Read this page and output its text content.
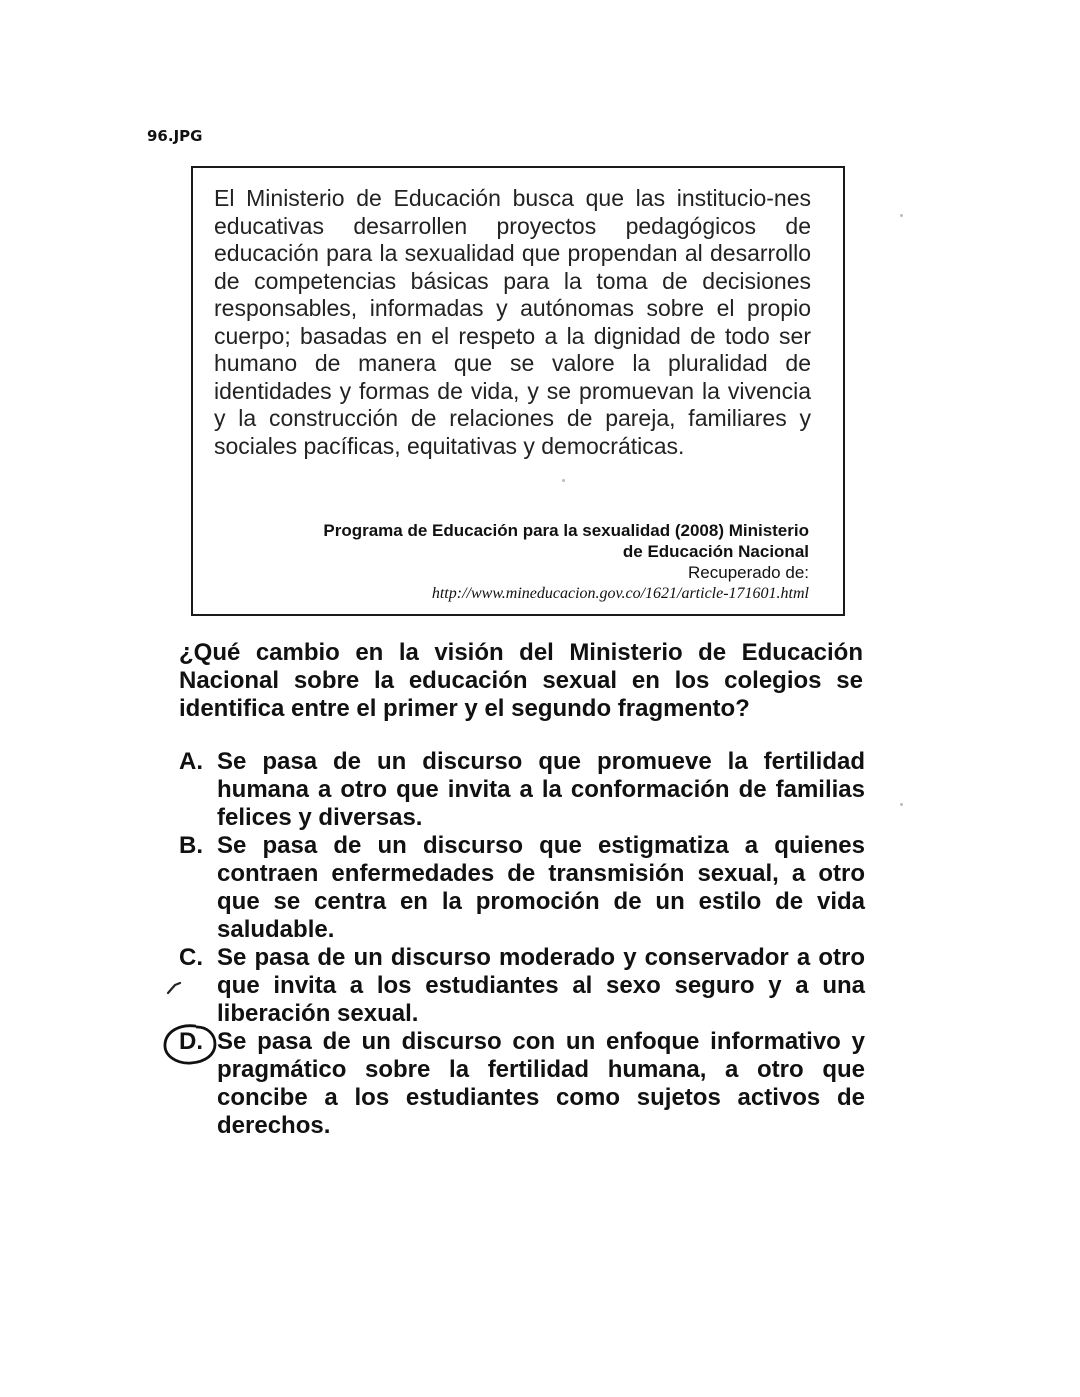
96.JPG

El Ministerio de Educación busca que las institucio-nes educativas desarrollen proyectos pedagógicos de educación para la sexualidad que propendan al desarrollo de competencias básicas para la toma de decisiones responsables, informadas y autónomas sobre el propio cuerpo; basadas en el respeto a la dignidad de todo ser humano de manera que se valore la pluralidad de identidades y formas de vida, y se promuevan la vivencia y la construcción de relaciones de pareja, familiares y sociales pacíficas, equitativas y democráticas.

Programa de Educación para la sexualidad (2008) Ministerio
de Educación Nacional
Recuperado de:
http://www.mineducacion.gov.co/1621/article-171601.html

¿Qué cambio en la visión del Ministerio de Educación Nacional sobre la educación sexual en los colegios se identifica entre el primer y el segundo fragmento?

A. Se pasa de un discurso que promueve la fertilidad humana a otro que invita a la conformación de familias felices y diversas.
B. Se pasa de un discurso que estigmatiza a quienes contraen enfermedades de transmisión sexual, a otro que se centra en la promoción de un estilo de vida saludable.
C. Se pasa de un discurso moderado y conservador a otro que invita a los estudiantes al sexo seguro y a una liberación sexual.
D. Se pasa de un discurso con un enfoque informativo y pragmático sobre la fertilidad humana, a otro que concibe a los estudiantes como sujetos activos de derechos.
